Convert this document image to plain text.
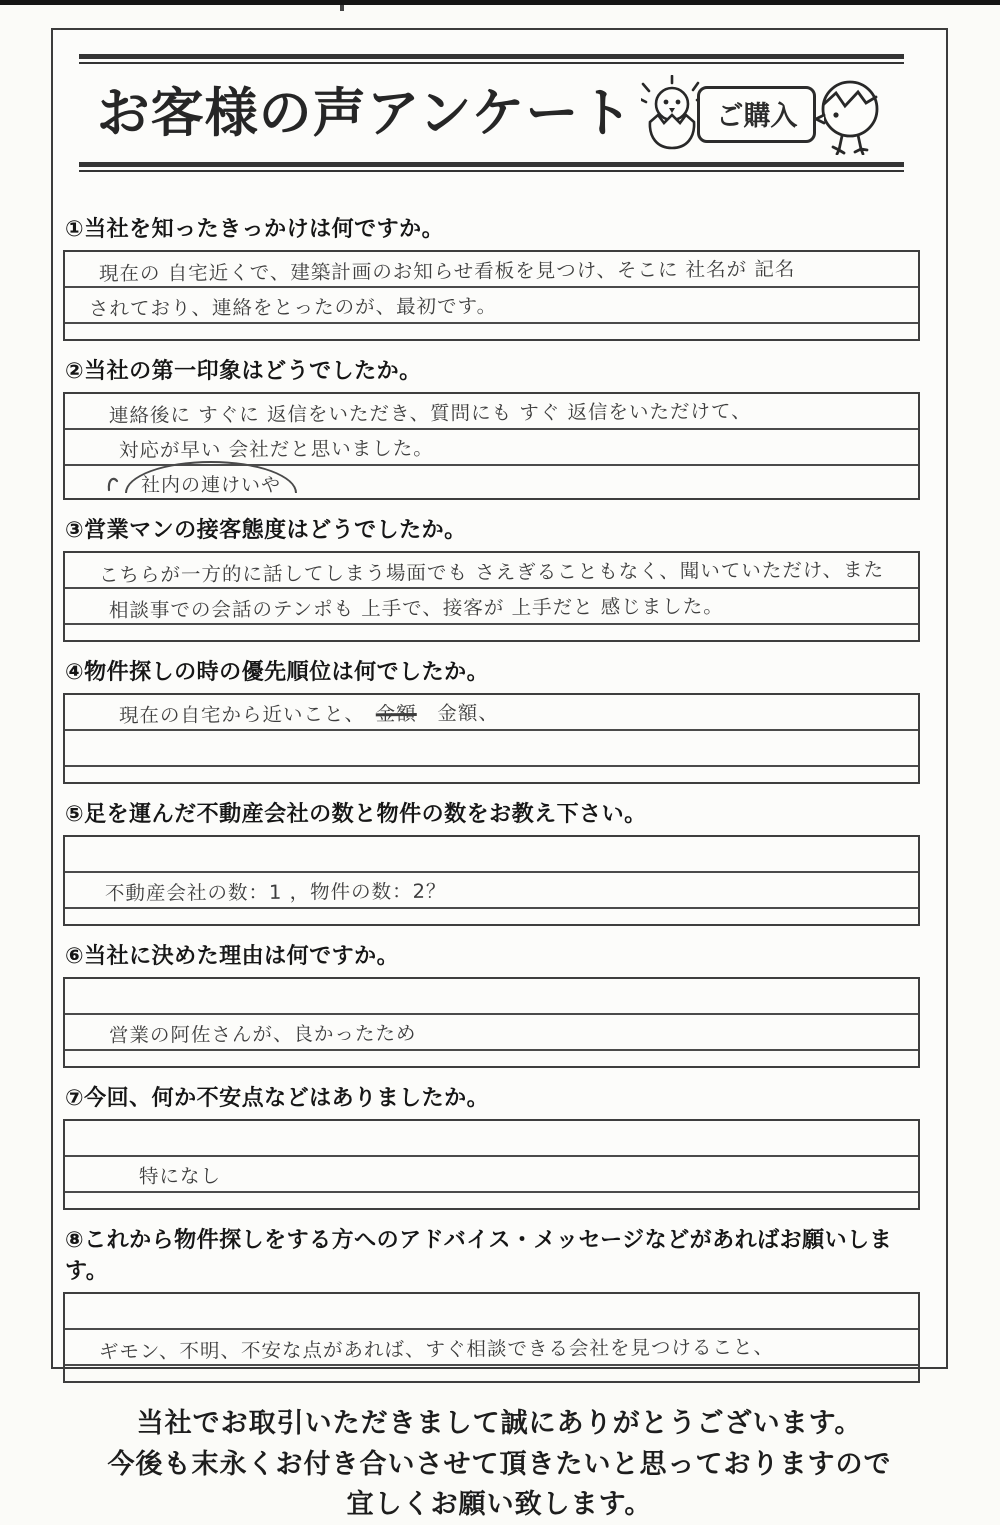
お客様の声アンケート	ご購入
①当社を知ったきっかけは何ですか。
現在の 自宅近くで、建築計画のお知らせ看板を見つけ、そこに 社名が 記名
されており、連絡をとったのが、最初です。
②当社の第一印象はどうでしたか。
連絡後に すぐに 返信をいただき、質問にも すぐ 返信をいただけて、
対応が早い 会社だと思いました。
社内の連けいや
③営業マンの接客態度はどうでしたか。
こちらが一方的に話してしまう場面でも さえぎることもなく、聞いていただけ、また
相談事での会話のテンポも 上手で、接客が 上手だと 感じました。
④物件探しの時の優先順位は何でしたか。
現在の自宅から近いこと、　金額　金額、
⑤足を運んだ不動産会社の数と物件の数をお教え下さい。
不動産会社の数：1 ，物件の数：2？
⑥当社に決めた理由は何ですか。
営業の阿佐さんが、良かったため
⑦今回、何か不安点などはありましたか。
特になし
⑧これから物件探しをする方へのアドバイス・メッセージなどがあればお願いします。
ギモン、不明、不安な点があれば、すぐ相談できる会社を見つけること、
当社でお取引いただきまして誠にありがとうございます。
今後も末永くお付き合いさせて頂きたいと思っておりますので
宜しくお願い致します。
